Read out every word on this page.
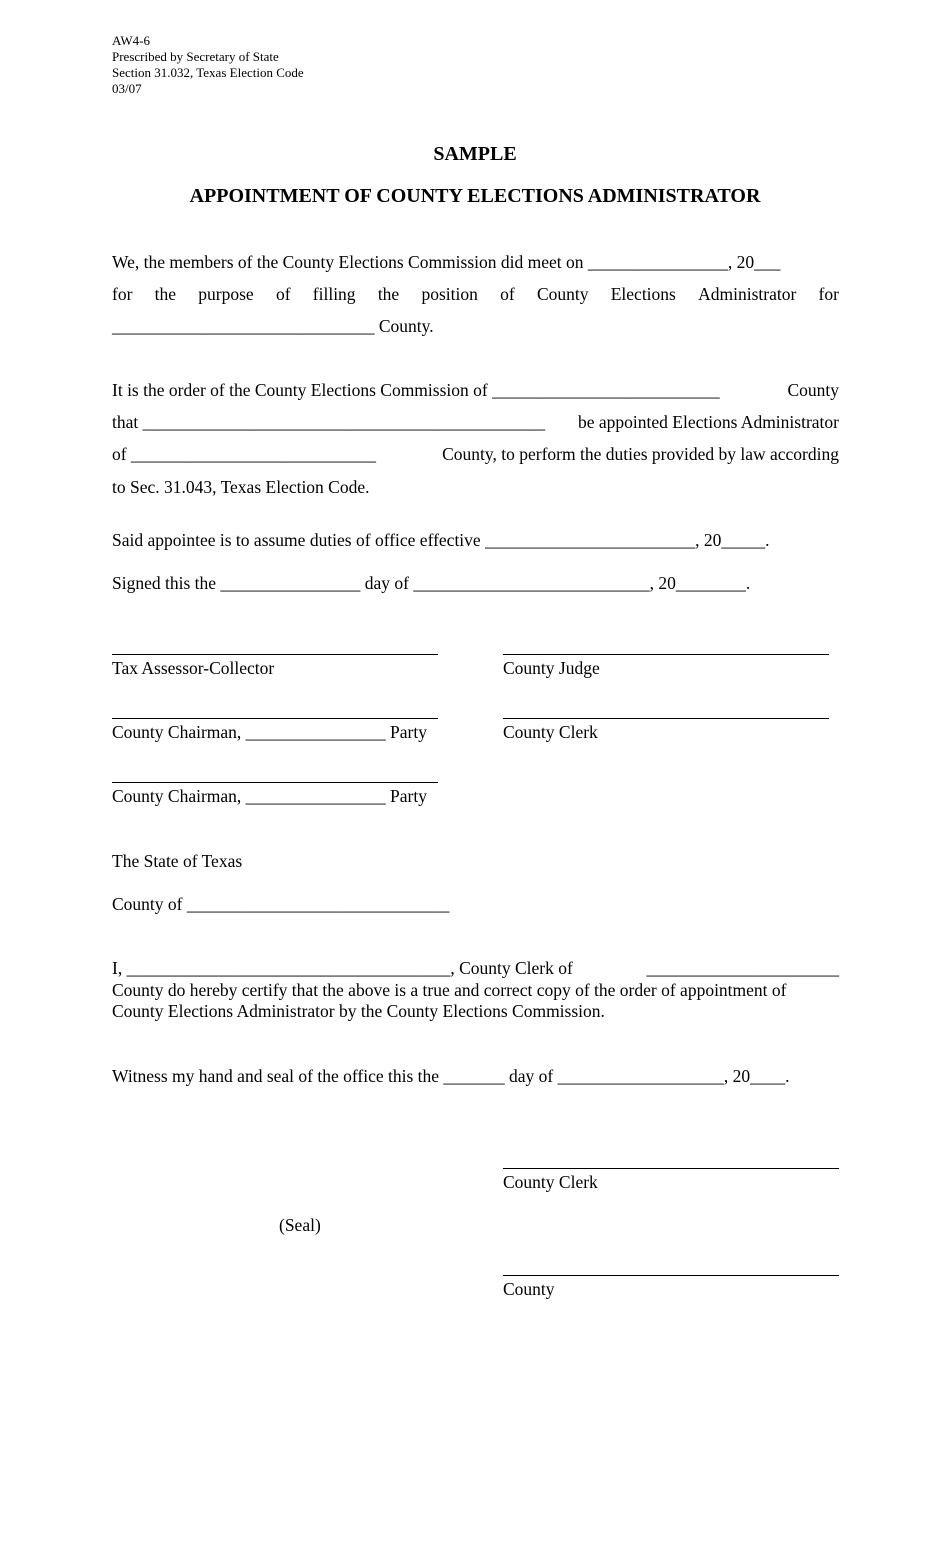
AW4-6
Prescribed by Secretary of State
Section 31.032, Texas Election Code
03/07
SAMPLE
APPOINTMENT OF COUNTY ELECTIONS ADMINISTRATOR
We, the members of the County Elections Commission did meet on ________________, 20___
for the purpose of filling the position of County Elections Administrator for
______________________________ County.
It is the order of the County Elections Commission of __________________________	County
that ______________________________________________ be appointed Elections Administrator
of ____________________________	County, to perform the duties provided by law according
to Sec. 31.043, Texas Election Code.
Said appointee is to assume duties of office effective ________________________, 20_____.
Signed this the ________________ day of ___________________________, 20________.
Tax Assessor-Collector	County Judge
County Chairman, ________________ Party	County Clerk
County Chairman, ________________ Party
The State of Texas
County of ______________________________
I, _____________________________________, County Clerk of	______________________
County do hereby certify that the above is a true and correct copy of the order of appointment of
County Elections Administrator by the County Elections Commission.
Witness my hand and seal of the office this the _______ day of ___________________, 20____.
County Clerk
(Seal)
County
